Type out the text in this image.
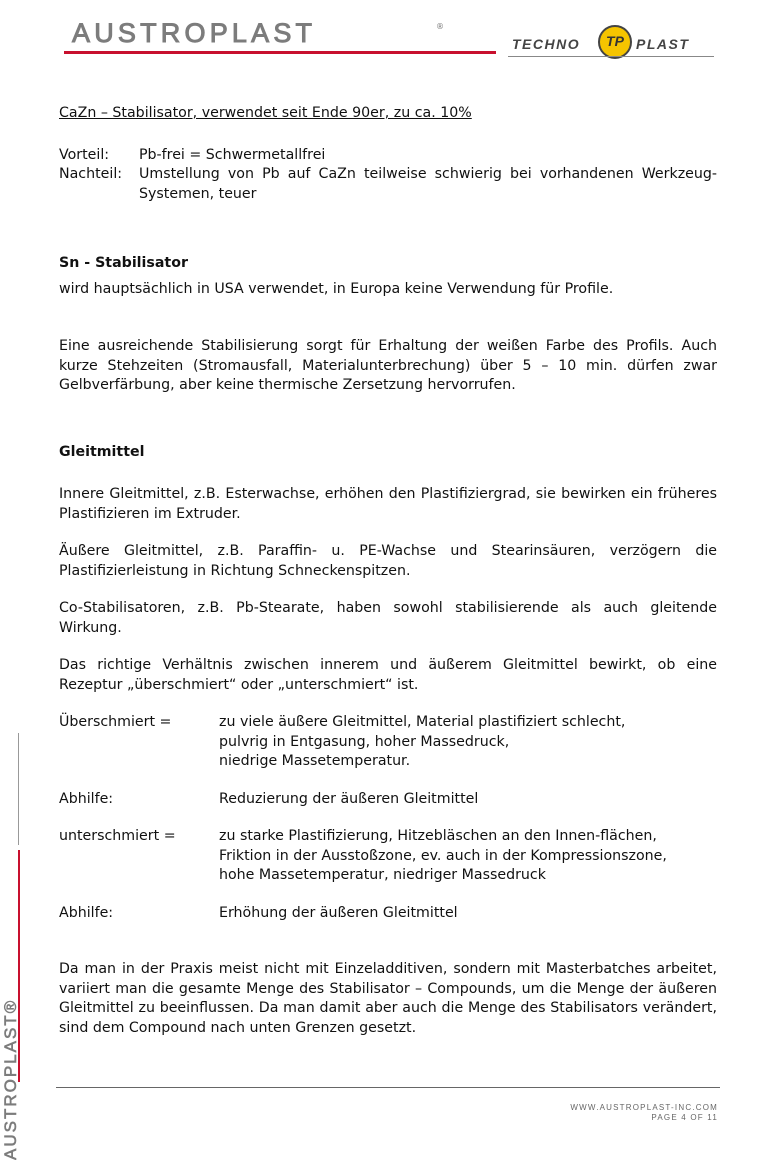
AUSTROPLAST	®
TECHNO	TP PLAST
AUSTROPLAST®

CaZn – Stabilisator, verwendet seit Ende 90er, zu ca. 10%

Vorteil:	Pb-frei = Schwermetallfrei
Nachteil:	Umstellung von Pb auf CaZn teilweise schwierig bei vorhandenen Werkzeug-Systemen, teuer

Sn - Stabilisator

wird hauptsächlich in USA verwendet, in Europa keine Verwendung für Profile.

Eine ausreichende Stabilisierung sorgt für Erhaltung der weißen Farbe des Profils. Auch kurze Stehzeiten (Stromausfall, Materialunterbrechung) über 5 – 10 min. dürfen zwar Gelbverfärbung, aber keine thermische Zersetzung hervorrufen.

Gleitmittel

Innere Gleitmittel, z.B. Esterwachse, erhöhen den Plastifiziergrad, sie bewirken ein früheres Plastifizieren im Extruder.

Äußere Gleitmittel, z.B. Paraffin- u. PE-Wachse und Stearinsäuren, verzögern die Plastifizierleistung in Richtung Schneckenspitzen.

Co-Stabilisatoren, z.B. Pb-Stearate, haben sowohl stabilisierende als auch gleitende Wirkung.

Das richtige Verhältnis zwischen innerem und äußerem Gleitmittel bewirkt, ob eine Rezeptur „überschmiert“ oder „unterschmiert“ ist.

Überschmiert =	zu viele äußere Gleitmittel, Material plastifiziert schlecht,
pulvrig in Entgasung, hoher Massedruck,
niedrige Massetemperatur.
Abhilfe:	Reduzierung der äußeren Gleitmittel
unterschmiert =	zu starke Plastifizierung, Hitzebläschen an den Innen-flächen,
Friktion in der Ausstoßzone, ev. auch in der Kompressionszone,
hohe Massetemperatur, niedriger Massedruck
Abhilfe:	Erhöhung der äußeren Gleitmittel

Da man in der Praxis meist nicht mit Einzeladditiven, sondern mit Masterbatches arbeitet, variiert man die gesamte Menge des Stabilisator – Compounds, um die Menge der äußeren Gleitmittel zu beeinflussen. Da man damit aber auch die Menge des Stabilisators verändert, sind dem Compound nach unten Grenzen gesetzt.

WWW.AUSTROPLAST-INC.COM
PAGE 4 OF 11
